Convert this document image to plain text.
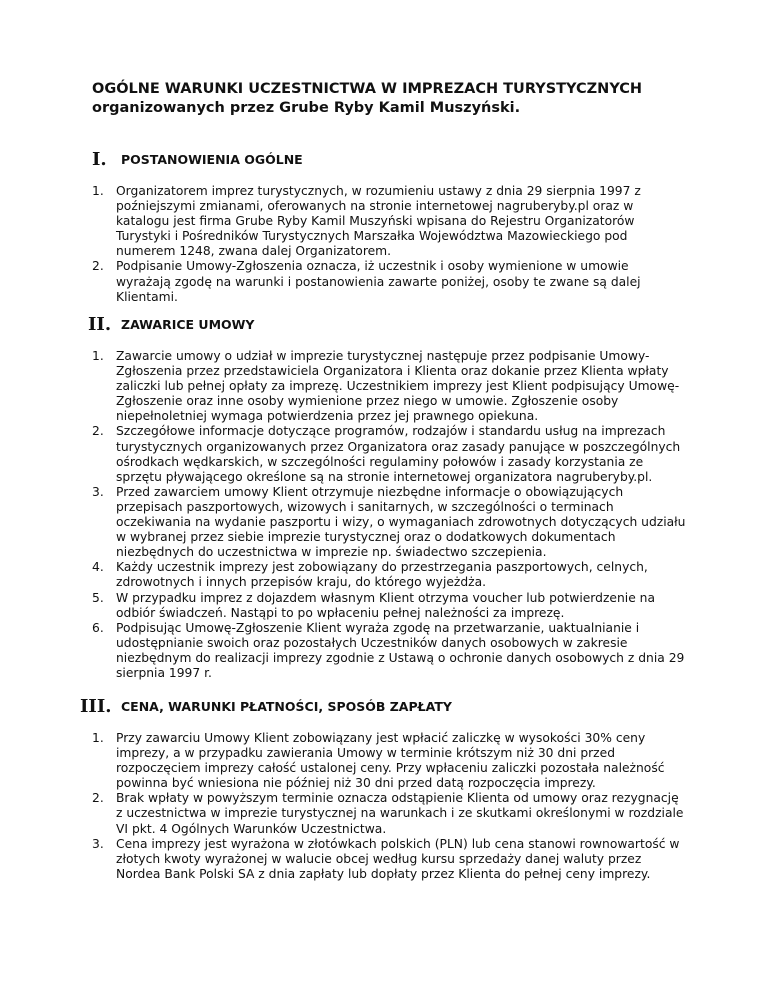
OGÓLNE WARUNKI UCZESTNICTWA W IMPREZACH TURYSTYCZNYCH organizowanych przez Grube Ryby Kamil Muszyński.
I. POSTANOWIENIA OGÓLNE
1. Organizatorem imprez turystycznych, w rozumieniu ustawy z dnia 29 sierpnia 1997 z poźniejszymi zmianami, oferowanych na stronie internetowej nagruberyby.pl oraz w katalogu jest firma Grube Ryby Kamil Muszyński wpisana do Rejestru Organizatorów Turystyki i Pośredników Turystycznych Marszałka Województwa Mazowieckiego pod numerem 1248, zwana dalej Organizatorem.
2. Podpisanie Umowy-Zgłoszenia oznacza, iż uczestnik i osoby wymienione w umowie wyrażają zgodę na warunki i postanowienia zawarte poniżej, osoby te zwane są dalej Klientami.
II. ZAWARICE UMOWY
1. Zawarcie umowy o udział w imprezie turystycznej następuje przez podpisanie Umowy-Zgłoszenia przez przedstawiciela Organizatora i Klienta oraz dokanie przez Klienta wpłaty zaliczki lub pełnej opłaty za imprezę. Uczestnikiem imprezy jest Klient podpisujący Umowę-Zgłoszenie oraz inne osoby wymienione przez niego w umowie. Zgłoszenie osoby niepełnoletniej wymaga potwierdzenia przez jej prawnego opiekuna.
2. Szczegółowe informacje dotyczące programów, rodzajów i standardu usług na imprezach turystycznych organizowanych przez Organizatora oraz zasady panujące w poszczególnych ośrodkach wędkarskich, w szczególności regulaminy połowów i zasady korzystania ze sprzętu pływającego określone są na stronie internetowej organizatora nagruberyby.pl.
3. Przed zawarciem umowy Klient otrzymuje niezbędne informacje o obowiązujących przepisach paszportowych, wizowych i sanitarnych, w szczególności o terminach oczekiwania na wydanie paszportu i wizy, o wymaganiach zdrowotnych dotyczących udziału w wybranej przez siebie imprezie turystycznej oraz o dodatkowych dokumentach niezbędnych do uczestnictwa w imprezie np. świadectwo szczepienia.
4. Każdy uczestnik imprezy jest zobowiązany do przestrzegania paszportowych, celnych, zdrowotnych i innych przepisów kraju, do którego wyjeżdża.
5. W przypadku imprez z dojazdem własnym Klient otrzyma voucher lub potwierdzenie na odbiór świadczeń. Nastąpi to po wpłaceniu pełnej należności za imprezę.
6. Podpisując Umowę-Zgłoszenie Klient wyraża zgodę na przetwarzanie, uaktualnianie i udostępnianie swoich oraz pozostałych Uczestników danych osobowych w zakresie niezbędnym do realizacji imprezy zgodnie z Ustawą o ochronie danych osobowych z dnia 29 sierpnia 1997 r.
III. CENA, WARUNKI PŁATNOŚCI, SPOSÓB ZAPŁATY
1. Przy zawarciu Umowy Klient zobowiązany jest wpłacić zaliczkę w wysokości 30% ceny imprezy, a w przypadku zawierania Umowy w terminie krótszym niż 30 dni przed rozpoczęciem imprezy całość ustalonej ceny. Przy wpłaceniu zaliczki pozostała należność powinna być wniesiona nie później niż 30 dni przed datą rozpoczęcia imprezy.
2. Brak wpłaty w powyższym terminie oznacza odstąpienie Klienta od umowy oraz rezygnację z uczestnictwa w imprezie turystycznej na warunkach i ze skutkami określonymi w rozdziale VI pkt. 4 Ogólnych Warunków Uczestnictwa.
3. Cena imprezy jest wyrażona w złotówkach polskich (PLN) lub cena stanowi rownowartość w złotych kwoty wyrażonej w walucie obcej według kursu sprzedaży danej waluty przez Nordea Bank Polski SA z dnia zapłaty lub dopłaty przez Klienta do pełnej ceny imprezy.
